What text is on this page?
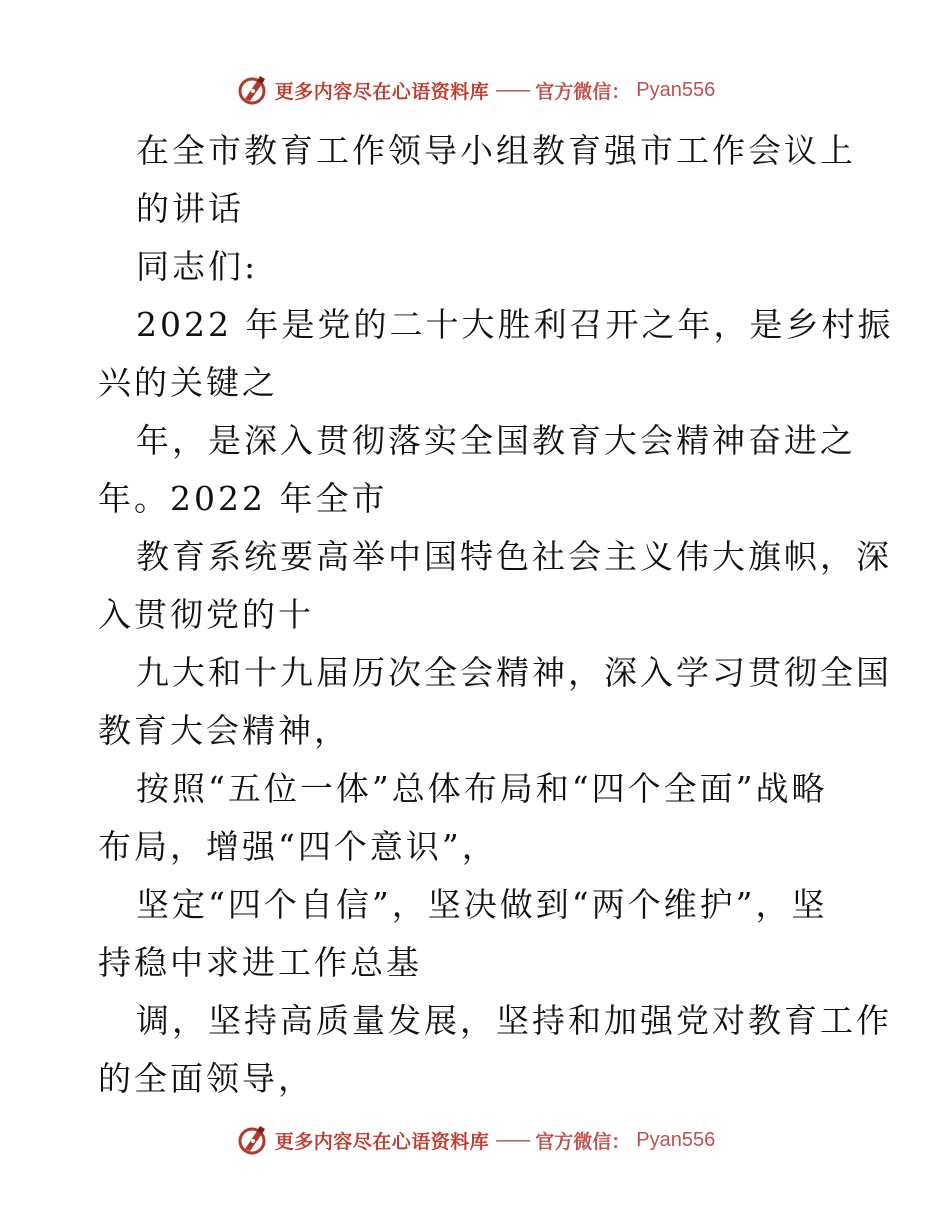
更多内容尽在心语资料库 —— 官方微信： Pyan556
在全市教育工作领导小组教育强市工作会议上
的讲话
同志们:
2022 年是党的二十大胜利召开之年，是乡村振
兴的关键之
年，是深入贯彻落实全国教育大会精神奋进之
年。2022 年全市
教育系统要高举中国特色社会主义伟大旗帜，深
入贯彻党的十
九大和十九届历次全会精神，深入学习贯彻全国
教育大会精神，
按照“五位一体”总体布局和“四个全面”战略
布局，增强“四个意识”，
坚定“四个自信”，坚决做到“两个维护”，坚
持稳中求进工作总基
调，坚持高质量发展，坚持和加强党对教育工作
的全面领导，
更多内容尽在心语资料库 —— 官方微信： Pyan556
